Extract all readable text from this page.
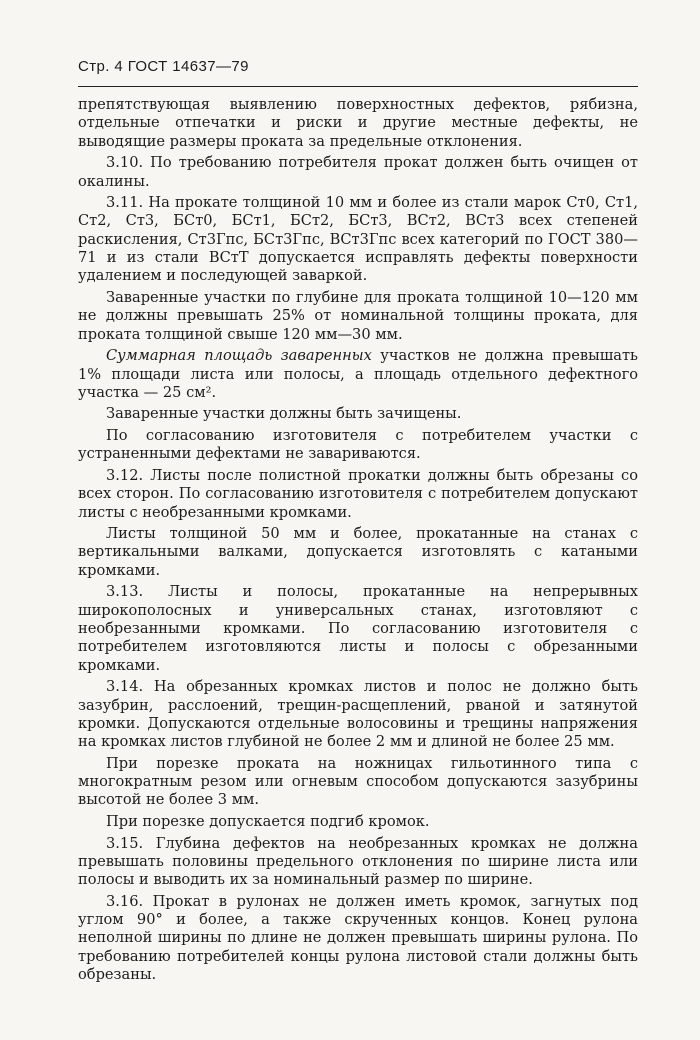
Стр. 4 ГОСТ 14637—79

препятствующая выявлению поверхностных дефектов, рябизна, отдельные отпечатки и риски и другие местные дефекты, не выводящие размеры проката за предельные отклонения.

3.10. По требованию потребителя прокат должен быть очищен от окалины.

3.11. На прокате толщиной 10 мм и более из стали марок Ст0, Ст1, Ст2, Ст3, БСт0, БСт1, БСт2, БСт3, ВСт2, ВСт3 всех степеней раскисления, Ст3Гпс, БСт3Гпс, ВСт3Гпс всех категорий по ГОСТ 380—71 и из стали ВСтТ допускается исправлять дефекты поверхности удалением и последующей заваркой.

Заваренные участки по глубине для проката толщиной 10—120 мм не должны превышать 25% от номинальной толщины проката, для проката толщиной свыше 120 мм—30 мм.

Суммарная площадь заваренных участков не должна превышать 1% площади листа или полосы, а площадь отдельного дефектного участка — 25 см².

Заваренные участки должны быть зачищены.

По согласованию изготовителя с потребителем участки с устраненными дефектами не завариваются.

3.12. Листы после полистной прокатки должны быть обрезаны со всех сторон. По согласованию изготовителя с потребителем допускают листы с необрезанными кромками.

Листы толщиной 50 мм и более, прокатанные на станах с вертикальными валками, допускается изготовлять с катаными кромками.

3.13. Листы и полосы, прокатанные на непрерывных широкополосных и универсальных станах, изготовляют с необрезанными кромками. По согласованию изготовителя с потребителем изготовляются листы и полосы с обрезанными кромками.

3.14. На обрезанных кромках листов и полос не должно быть зазубрин, расслоений, трещин-расщеплений, рваной и затянутой кромки. Допускаются отдельные волосовины и трещины напряжения на кромках листов глубиной не более 2 мм и длиной не более 25 мм.

При порезке проката на ножницах гильотинного типа с многократным резом или огневым способом допускаются зазубрины высотой не более 3 мм.

При порезке допускается подгиб кромок.

3.15. Глубина дефектов на необрезанных кромках не должна превышать половины предельного отклонения по ширине листа или полосы и выводить их за номинальный размер по ширине.

3.16. Прокат в рулонах не должен иметь кромок, загнутых под углом 90° и более, а также скрученных концов. Конец рулона неполной ширины по длине не должен превышать ширины рулона. По требованию потребителей концы рулона листовой стали должны быть обрезаны.
